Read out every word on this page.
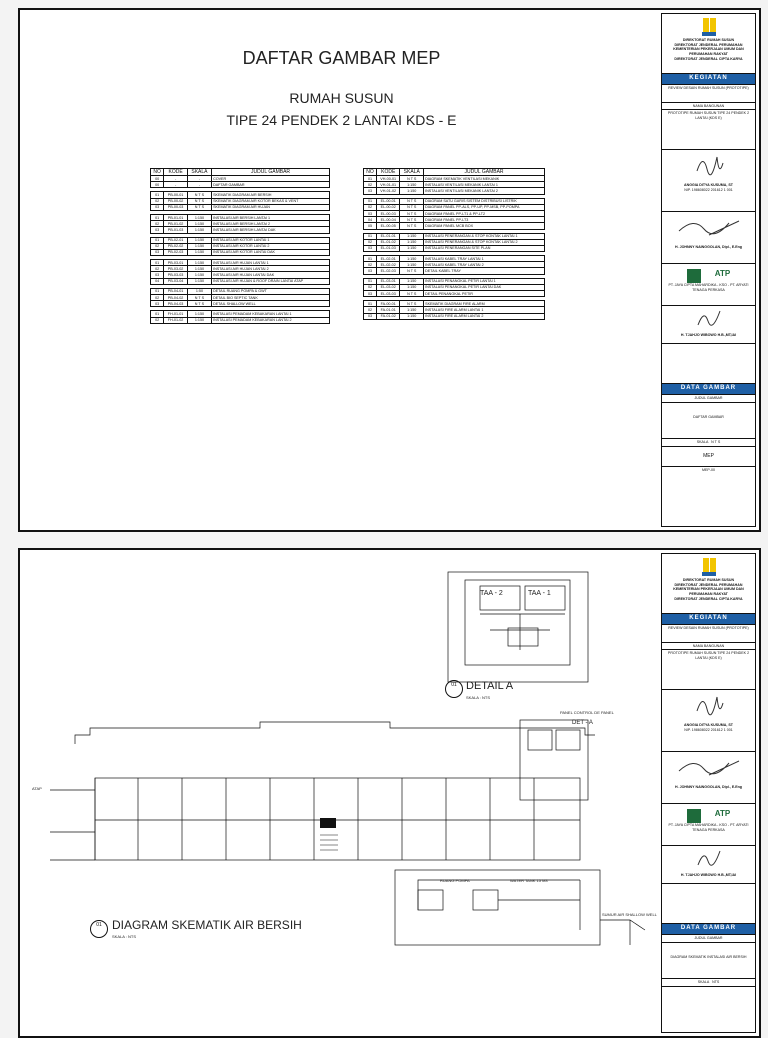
DAFTAR GAMBAR MEP
RUMAH SUSUN
TIPE 24 PENDEK 2 LANTAI KDS - E
NO	KODE	SKALA	JUDUL GAMBAR
00	-	-	COVER
00	-	-	DAFTAR GAMBAR

01	PB-00-01	N T S	SKEMATIK DIAGRAM AIR BERSIH
02	PB-00-02	N T S	SKEMATIK DIAGRAM AIR KOTOR BEKAS & VENT
03	PB-00-03	N T S	SKEMATIK DIAGRAM AIR HUJAN

01	PB-01-01	1:150	INSTALASI AIR BERSIH LANTAI 1
02	PB-01-02	1:150	INSTALASI AIR BERSIH LANTAI 2
03	PB-01-03	1:150	INSTALASI AIR BERSIH LANTAI DAK

01	PB-02-01	1:150	INSTALASI AIR KOTOR LANTAI 1
02	PB-02-02	1:150	INSTALASI AIR KOTOR LANTAI 2
03	PB-02-03	1:150	INSTALASI AIR KOTOR LANTAI DAK

01	PB-03-01	1:150	INSTALASI AIR HUJAN LANTAI 1
02	PB-03-02	1:150	INSTALASI AIR HUJAN LANTAI 2
03	PB-03-03	1:150	INSTALASI AIR HUJAN LANTAI DAK
04	PB-03-04	1:150	INSTALASI AIR HUJAN & ROOF DRAIN LANTAI ATAP

01	PB-04-01	1:50	DETAIL RUANG POMPA & GWT
02	PB-04-02	N T S	DETAIL BIO SEPTIC TANK
03	PB-04-03	N T S	DETAIL SHALLOW WELL

01	FH-01-01	1:150	INSTALASI PEMADAM KEBAKARAN LANTAI 1
02	FH-01-02	1:150	INSTALASI PEMADAM KEBAKARAN LANTAI 2
NO	KODE	SKALA	JUDUL GAMBAR
01	VH-00-01	N T S	DIAGRAM SKEMATIK VENTILASI MEKANIK
02	VH-01-01	1:150	INSTALASI VENTILASI MEKANIK LANTAI 1
03	VH-01-02	1:150	INSTALASI VENTILASI MEKANIK LANTAI 2

01	EL-00-01	N T S	DIAGRAM SATU GARIS SISTEM DISTRIBUSI LISTRIK
02	EL-00-02	N T S	DIAGRAM PANEL PP-ALS, PP-UP, PP-MSB, PP-POMPA
03	EL-00-03	N T S	DIAGRAM PANEL PP-LT1 & PP-LT2
04	EL-00-04	N T S	DIAGRAM PANEL PP-LT3
05	EL-00-05	N T S	DIAGRAM PANEL MCB BOX

01	EL-01-01	1:150	INSTALASI PENERANGAN & STOP KONTAK LANTAI 1
02	EL-01-02	1:150	INSTALASI PENERANGAN & STOP KONTAK LANTAI 2
03	EL-01-03	1:150	INSTALASI PENERANGAN SITE PLAN

01	EL-02-01	1:150	INSTALASI KABEL TRAY LANTAI 1
02	EL-02-02	1:150	INSTALASI KABEL TRAY LANTAI 2
03	EL-02-03	N T S	DETAIL KABEL TRAY

01	EL-03-01	1:150	INSTALASI PENANGKAL PETIR LANTAI 1
02	EL-03-02	1:150	INSTALASI PENANGKAL PETIR LANTAI DAK
03	EL-03-03	N T S	DETAIL PENANGKAL PETIR

01	FA-00-01	N T S	SKEMATIK DIAGRAM FIRE ALARM
02	FA-01-01	1:150	INSTALASI FIRE ALARM LANTAI 1
03	FA-01-02	1:150	INSTALASI FIRE ALARM LANTAI 2
DIREKTORAT RUMAH SUSUN
DIREKTORAT JENDERAL PERUMAHAN
KEMENTERIAN PEKERJAAN UMUM DAN
PERUMAHAN RAKYAT
DIREKTORAT JENDERAL CIPTA KARYA
KEGIATAN
REVIEW DESAIN RUMAH SUSUN (PROTOTIPE)
NAMA BANGUNAN
PROTOTIPE RUMAH SUSUN TIPE 24 PENDEK 2 LANTAI (KDS E)
ANGGIA DITYA KUSUMA, ST
NIP. 198608022 201612 1 001
H. JOHNNY NAINGGOLAN, Dipl., E.Eng
ATP
PT. JAYA CIPTA MAHARDIKA - KSO - PT. ARYATI TENAGA PERKASA
H. TJAHJO WIBOWO H.B.,MT,IAI
DATA GAMBAR
JUDUL GAMBAR
DAFTAR GAMBAR
SKALA N T S
MEP
MEP-00
TAA - 2	TAA - 1
01 DETAIL A
SKALA : NTS
PANEL CONTROL DE PANEL
DET - A
ATAP
RUANG POMPA	WATER TANK 15 M3
SUMUR AIR SHALLOW WELL
01 DIAGRAM SKEMATIK AIR BERSIH
SKALA : NTS
DIREKTORAT RUMAH SUSUN
DIREKTORAT JENDERAL PERUMAHAN
KEMENTERIAN PEKERJAAN UMUM DAN
PERUMAHAN RAKYAT
DIREKTORAT JENDERAL CIPTA KARYA
KEGIATAN
REVIEW DESAIN RUMAH SUSUN (PROTOTIPE)
NAMA BANGUNAN
PROTOTIPE RUMAH SUSUN TIPE 24 PENDEK 2 LANTAI (KDS E)
ANGGIA DITYA KUSUMA, ST
NIP. 198608022 201612 1 001
H. JOHNNY NAINGGOLAN, Dipl., E.Eng
ATP
PT. JAYA CIPTA MAHARDIKA - KSO - PT. ARYATI TENAGA PERKASA
H. TJAHJO WIBOWO H.B.,MT,IAI
DATA GAMBAR
JUDUL GAMBAR
DIAGRAM SKEMATIK INSTALASI AIR BERSIH
SKALA NTS
